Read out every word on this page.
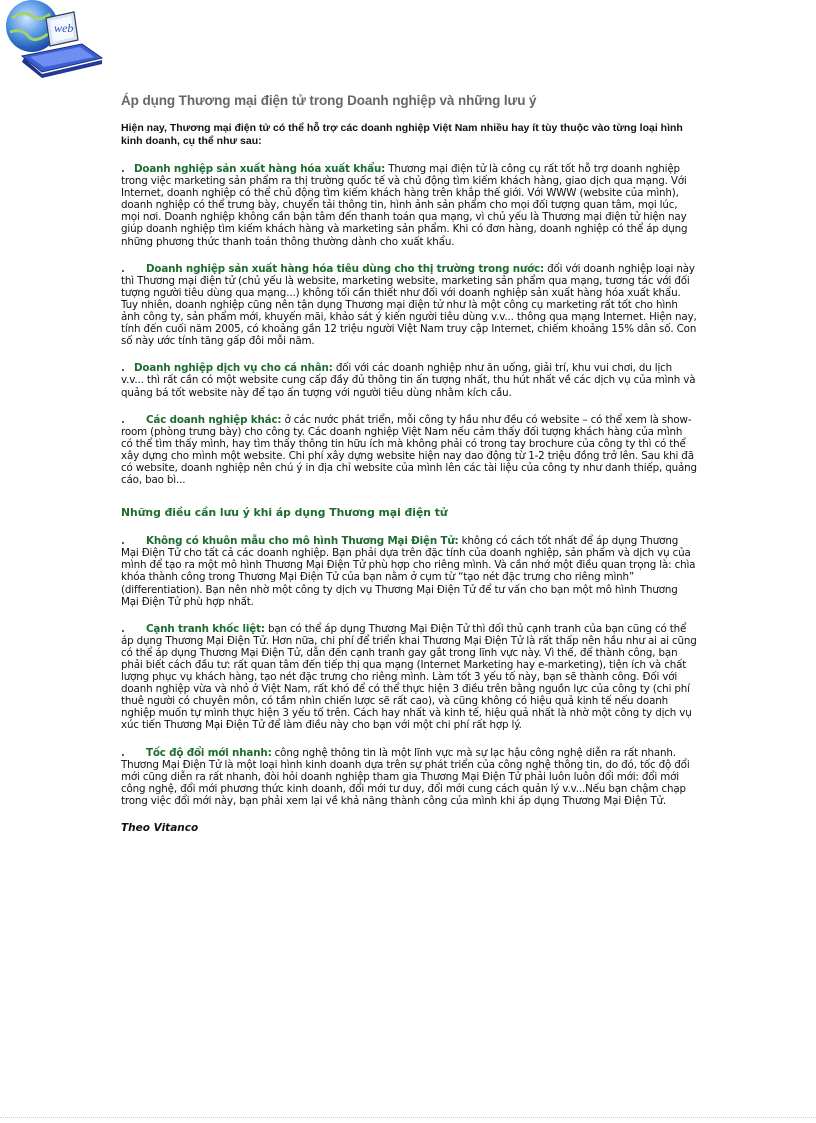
web
Áp dụng Thương mại điện tử trong Doanh nghiệp và những lưu ý
Hiện nay, Thương mại điện tử có thể hỗ trợ các doanh nghiệp Việt Nam nhiều hay ít tùy thuộc vào từng loại hình kinh doanh, cụ thể như sau:
. Doanh nghiệp sản xuất hàng hóa xuất khẩu: Thương mại điện tử là công cụ rất tốt hỗ trợ doanh nghiệp trong việc marketing sản phẩm ra thị trường quốc tế và chủ động tìm kiếm khách hàng, giao dịch qua mạng. Với Internet, doanh nghiệp có thể chủ động tìm kiếm khách hàng trên khắp thế giới. Với WWW (website của mình), doanh nghiệp có thể trưng bày, chuyển tải thông tin, hình ảnh sản phẩm cho mọi đối tượng quan tâm, mọi lúc, mọi nơi. Doanh nghiệp không cần bận tâm đến thanh toán qua mạng, vì chủ yếu là Thương mại điện tử hiện nay giúp doanh nghiệp tìm kiếm khách hàng và marketing sản phẩm. Khi có đơn hàng, doanh nghiệp có thể áp dụng những phương thức thanh toán thông thường dành cho xuất khẩu.
. Doanh nghiệp sản xuất hàng hóa tiêu dùng cho thị trường trong nước: đối với doanh nghiệp loại này thì Thương mại điện tử (chủ yếu là website, marketing website, marketing sản phẩm qua mạng, tương tác với đối tượng người tiêu dùng qua mạng...) không tối cần thiết như đối với doanh nghiệp sản xuất hàng hóa xuất khẩu. Tuy nhiên, doanh nghiệp cũng nên tận dụng Thương mại điện tử như là một công cụ marketing rất tốt cho hình ảnh công ty, sản phẩm mới, khuyến mãi, khảo sát ý kiến người tiêu dùng v.v... thông qua mạng Internet. Hiện nay, tính đến cuối năm 2005, có khoảng gần 12 triệu người Việt Nam truy cập Internet, chiếm khoảng 15% dân số. Con số này ước tính tăng gấp đôi mỗi năm.
. Doanh nghiệp dịch vụ cho cá nhân: đối với các doanh nghiệp như ăn uống, giải trí, khu vui chơi, du lịch v.v... thì rất cần có một website cung cấp đầy đủ thông tin ấn tượng nhất, thu hút nhất về các dịch vụ của mình và quảng bá tốt website này để tạo ấn tượng với người tiêu dùng nhằm kích cầu.
. Các doanh nghiệp khác: ở các nước phát triển, mỗi công ty hầu như đều có website – có thể xem là show-room (phòng trưng bày) cho công ty. Các doanh nghiệp Việt Nam nếu cảm thấy đối tượng khách hàng của mình có thể tìm thấy mình, hay tìm thấy thông tin hữu ích mà không phải có trong tay brochure của công ty thì có thể xây dựng cho mình một website. Chi phí xây dựng website hiện nay dao động từ 1-2 triệu đồng trở lên. Sau khi đã có website, doanh nghiệp nên chú ý in địa chỉ website của mình lên các tài liệu của công ty như danh thiếp, quảng cáo, bao bì...
Những điều cần lưu ý khi áp dụng Thương mại điện tử
. Không có khuôn mẫu cho mô hình Thương Mại Điện Tử: không có cách tốt nhất để áp dụng Thương Mại Điện Tử cho tất cả các doanh nghiệp. Bạn phải dựa trên đặc tính của doanh nghiệp, sản phẩm và dịch vụ của mình để tạo ra một mô hình Thương Mại Điện Tử phù hợp cho riêng mình. Và cần nhớ một điều quan trọng là: chìa khóa thành công trong Thương Mại Điện Tử của bạn nằm ở cụm từ “tạo nét đặc trưng cho riêng mình” (differentiation). Bạn nên nhờ một công ty dịch vụ Thương Mại Điện Tử để tư vấn cho bạn một mô hình Thương Mại Điện Tử phù hợp nhất.
. Cạnh tranh khốc liệt: bạn có thể áp dụng Thương Mại Điện Tử thì đối thủ cạnh tranh của bạn cũng có thể áp dụng Thương Mại Điện Tử. Hơn nữa, chi phí để triển khai Thương Mại Điện Tử là rất thấp nên hầu như ai ai cũng có thể áp dụng Thương Mại Điện Tử, dẫn đến cạnh tranh gay gắt trong lĩnh vực này. Vì thế, để thành công, bạn phải biết cách đầu tư: rất quan tâm đến tiếp thị qua mạng (Internet Marketing hay e-marketing), tiện ích và chất lượng phục vụ khách hàng, tạo nét đặc trưng cho riêng mình. Làm tốt 3 yếu tố này, bạn sẽ thành công. Đối với doanh nghiệp vừa và nhỏ ở Việt Nam, rất khó để có thể thực hiện 3 điều trên bằng nguồn lực của công ty (chi phí thuê người có chuyên môn, có tầm nhìn chiến lược sẽ rất cao), và cũng không có hiệu quả kinh tế nếu doanh nghiệp muốn tự mình thực hiện 3 yếu tố trên. Cách hay nhất và kinh tế, hiệu quả nhất là nhờ một công ty dịch vụ xúc tiến Thương Mại Điện Tử để làm điều này cho bạn với một chi phí rất hợp lý.
. Tốc độ đổi mới nhanh: công nghệ thông tin là một lĩnh vực mà sự lạc hậu công nghệ diễn ra rất nhanh. Thương Mại Điện Tử là một loại hình kinh doanh dựa trên sự phát triển của công nghệ thông tin, do đó, tốc độ đổi mới cũng diễn ra rất nhanh, đòi hỏi doanh nghiệp tham gia Thương Mại Điện Tử phải luôn luôn đổi mới: đổi mới công nghệ, đổi mới phương thức kinh doanh, đổi mới tư duy, đổi mới cung cách quản lý v.v...Nếu bạn chậm chạp trong việc đổi mới này, bạn phải xem lại về khả năng thành công của mình khi áp dụng Thương Mại Điện Tử.
Theo Vitanco
